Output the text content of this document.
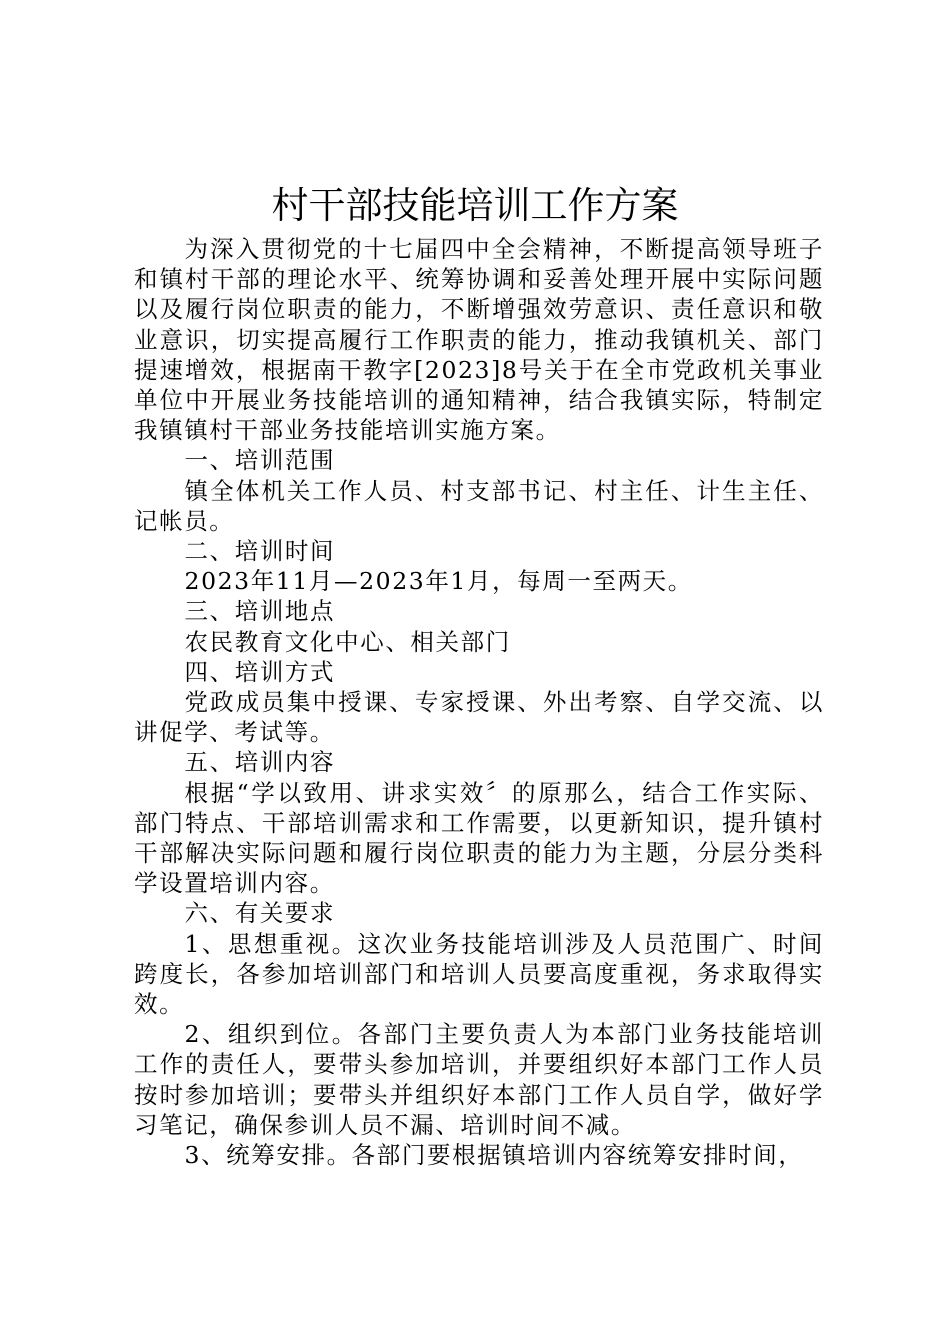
村干部技能培训工作方案

为深入贯彻党的十七届四中全会精神，不断提高领导班子和镇村干部的理论水平、统筹协调和妥善处理开展中实际问题以及履行岗位职责的能力，不断增强效劳意识、责任意识和敬业意识，切实提高履行工作职责的能力，推动我镇机关、部门提速增效，根据南干教字[2023]8号关于在全市党政机关事业单位中开展业务技能培训的通知精神，结合我镇实际，特制定我镇镇村干部业务技能培训实施方案。

一、培训范围

镇全体机关工作人员、村支部书记、村主任、计生主任、记帐员。

二、培训时间

2023年11月—2023年1月，每周一至两天。

三、培训地点

农民教育文化中心、相关部门

四、培训方式

党政成员集中授课、专家授课、外出考察、自学交流、以讲促学、考试等。

五、培训内容

根据“学以致用、讲求实效〞的原那么，结合工作实际、部门特点、干部培训需求和工作需要，以更新知识，提升镇村干部解决实际问题和履行岗位职责的能力为主题，分层分类科学设置培训内容。

六、有关要求

1、思想重视。这次业务技能培训涉及人员范围广、时间跨度长，各参加培训部门和培训人员要高度重视，务求取得实效。

2、组织到位。各部门主要负责人为本部门业务技能培训工作的责任人，要带头参加培训，并要组织好本部门工作人员按时参加培训；要带头并组织好本部门工作人员自学，做好学习笔记，确保参训人员不漏、培训时间不减。

3、统筹安排。各部门要根据镇培训内容统筹安排时间，
